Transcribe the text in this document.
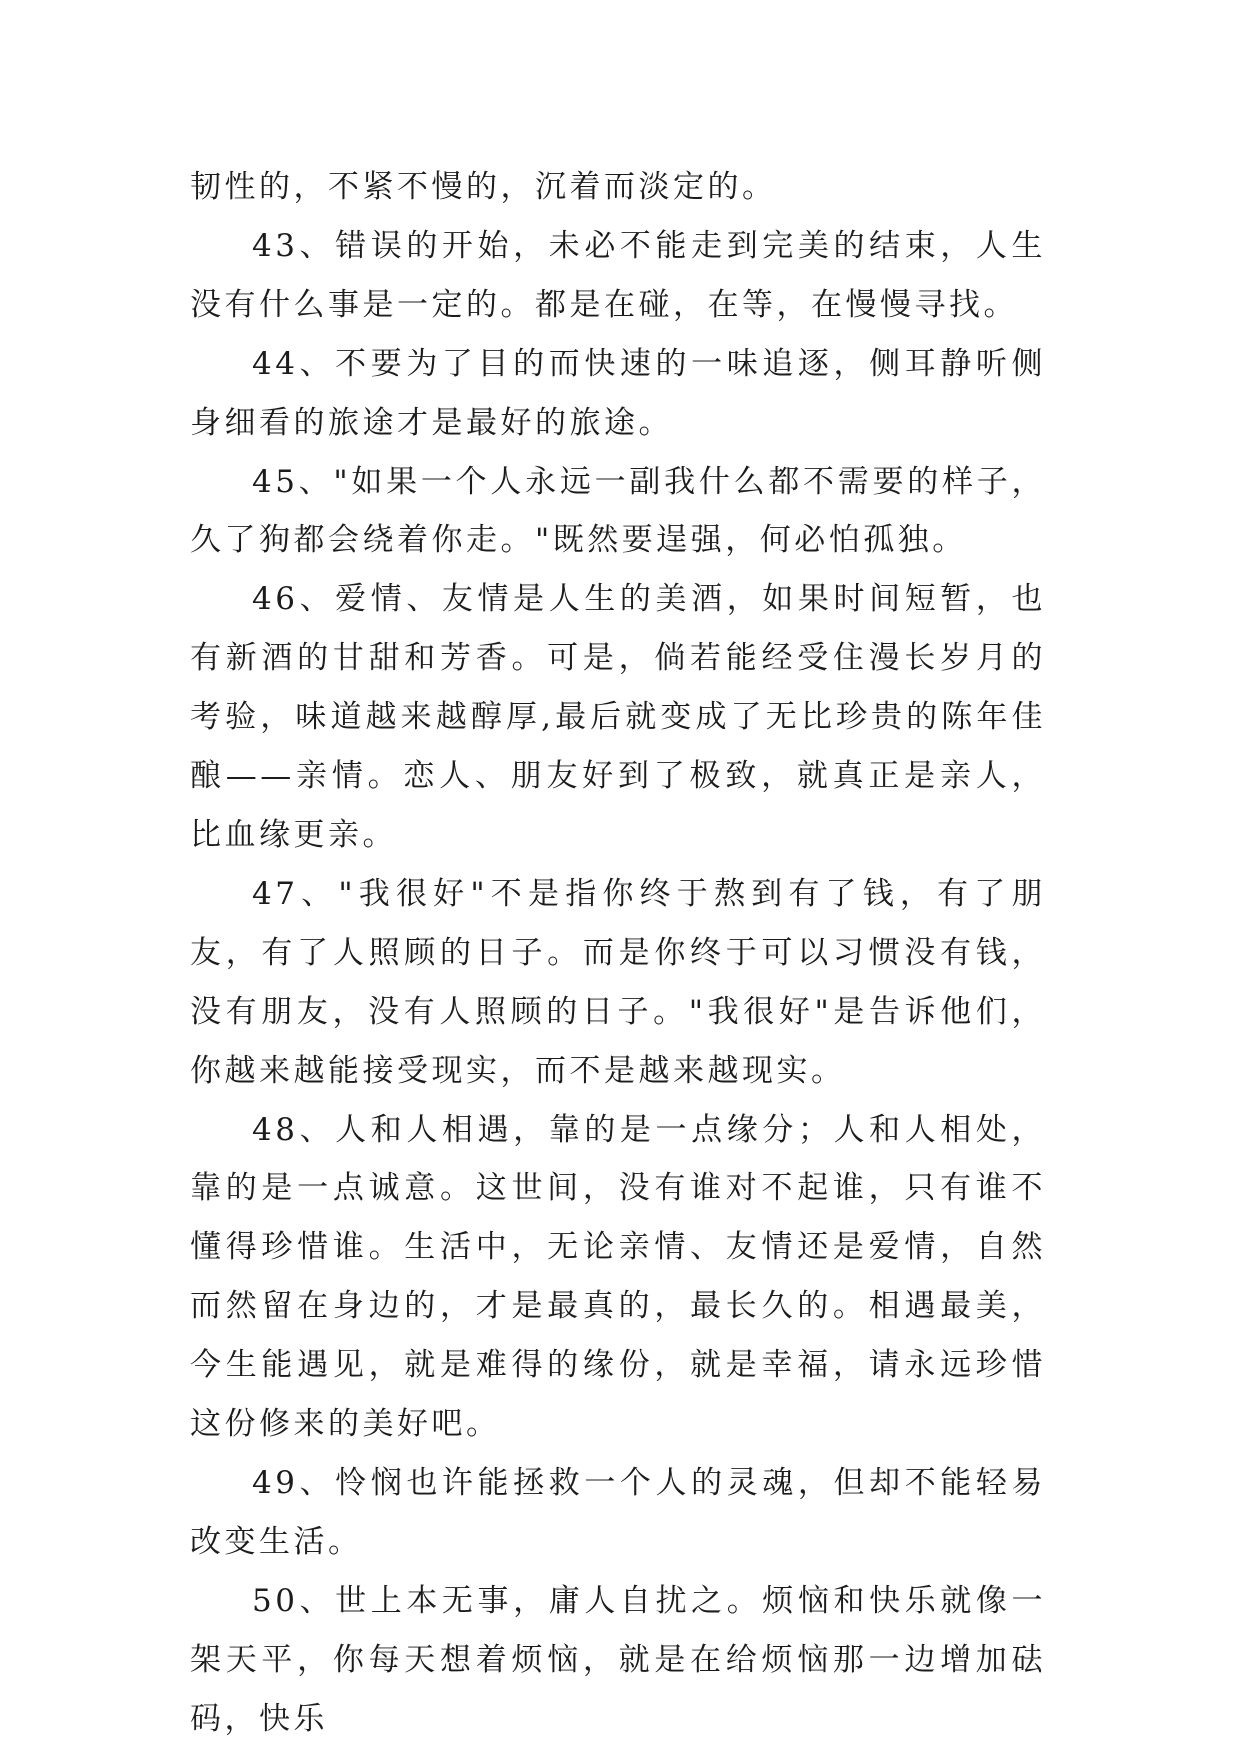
韧性的，不紧不慢的，沉着而淡定的。

43、错误的开始，未必不能走到完美的结束，人生没有什么事是一定的。都是在碰，在等，在慢慢寻找。

44、不要为了目的而快速的一味追逐，侧耳静听侧身细看的旅途才是最好的旅途。

45、"如果一个人永远一副我什么都不需要的样子，久了狗都会绕着你走。"既然要逞强，何必怕孤独。

46、爱情、友情是人生的美酒，如果时间短暂，也有新酒的甘甜和芳香。可是，倘若能经受住漫长岁月的考验，味道越来越醇厚,最后就变成了无比珍贵的陈年佳酿——亲情。恋人、朋友好到了极致，就真正是亲人，比血缘更亲。

47、"我很好"不是指你终于熬到有了钱，有了朋友，有了人照顾的日子。而是你终于可以习惯没有钱，没有朋友，没有人照顾的日子。"我很好"是告诉他们，你越来越能接受现实，而不是越来越现实。

48、人和人相遇，靠的是一点缘分；人和人相处，靠的是一点诚意。这世间，没有谁对不起谁，只有谁不懂得珍惜谁。生活中，无论亲情、友情还是爱情，自然而然留在身边的，才是最真的，最长久的。相遇最美，今生能遇见，就是难得的缘份，就是幸福，请永远珍惜这份修来的美好吧。

49、怜悯也许能拯救一个人的灵魂，但却不能轻易改变生活。

50、世上本无事，庸人自扰之。烦恼和快乐就像一架天平，你每天想着烦恼，就是在给烦恼那一边增加砝码，快乐
